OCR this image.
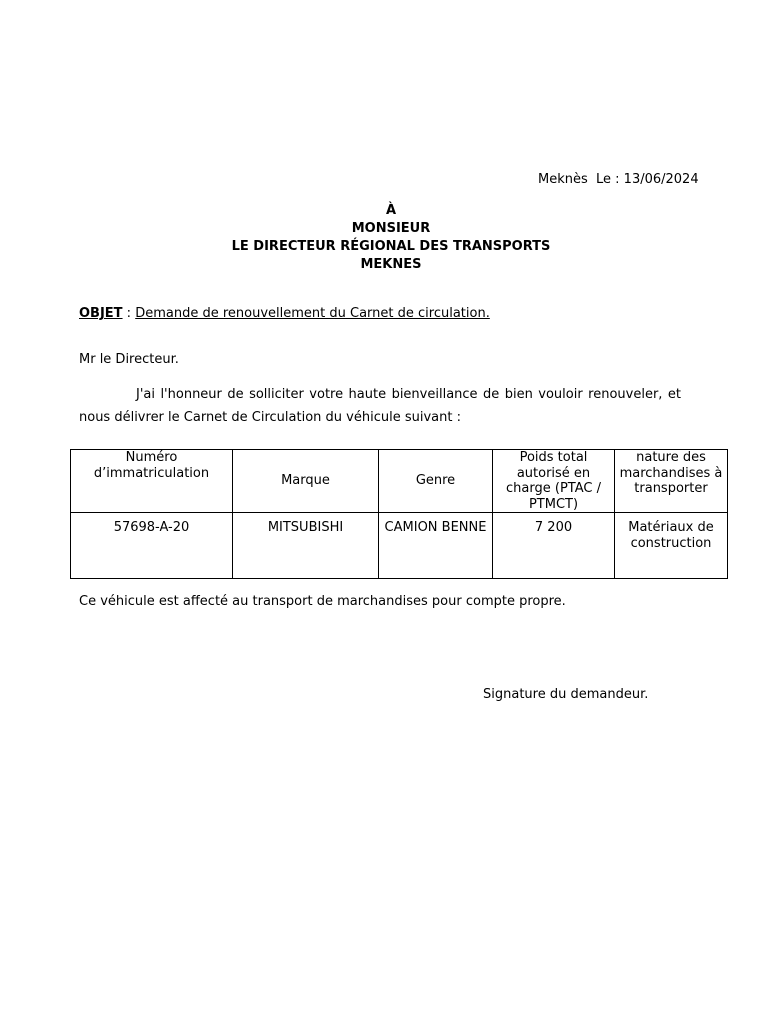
Meknès  Le : 13/06/2024
À
MONSIEUR
LE DIRECTEUR RÉGIONAL DES TRANSPORTS
MEKNES
OBJET : Demande de renouvellement du Carnet de circulation.
Mr le Directeur.
J'ai l'honneur de solliciter votre haute bienveillance de bien vouloir renouveler, et nous délivrer le Carnet de Circulation du véhicule suivant :
Numéro d’immatriculation	Marque	Genre	Poids total autorisé en charge (PTAC / PTMCT)	nature des marchandises à transporter
57698-A-20	MITSUBISHI	CAMION BENNE	7 200	Matériaux de construction
Ce véhicule est affecté au transport de marchandises pour compte propre.
Signature du demandeur.
